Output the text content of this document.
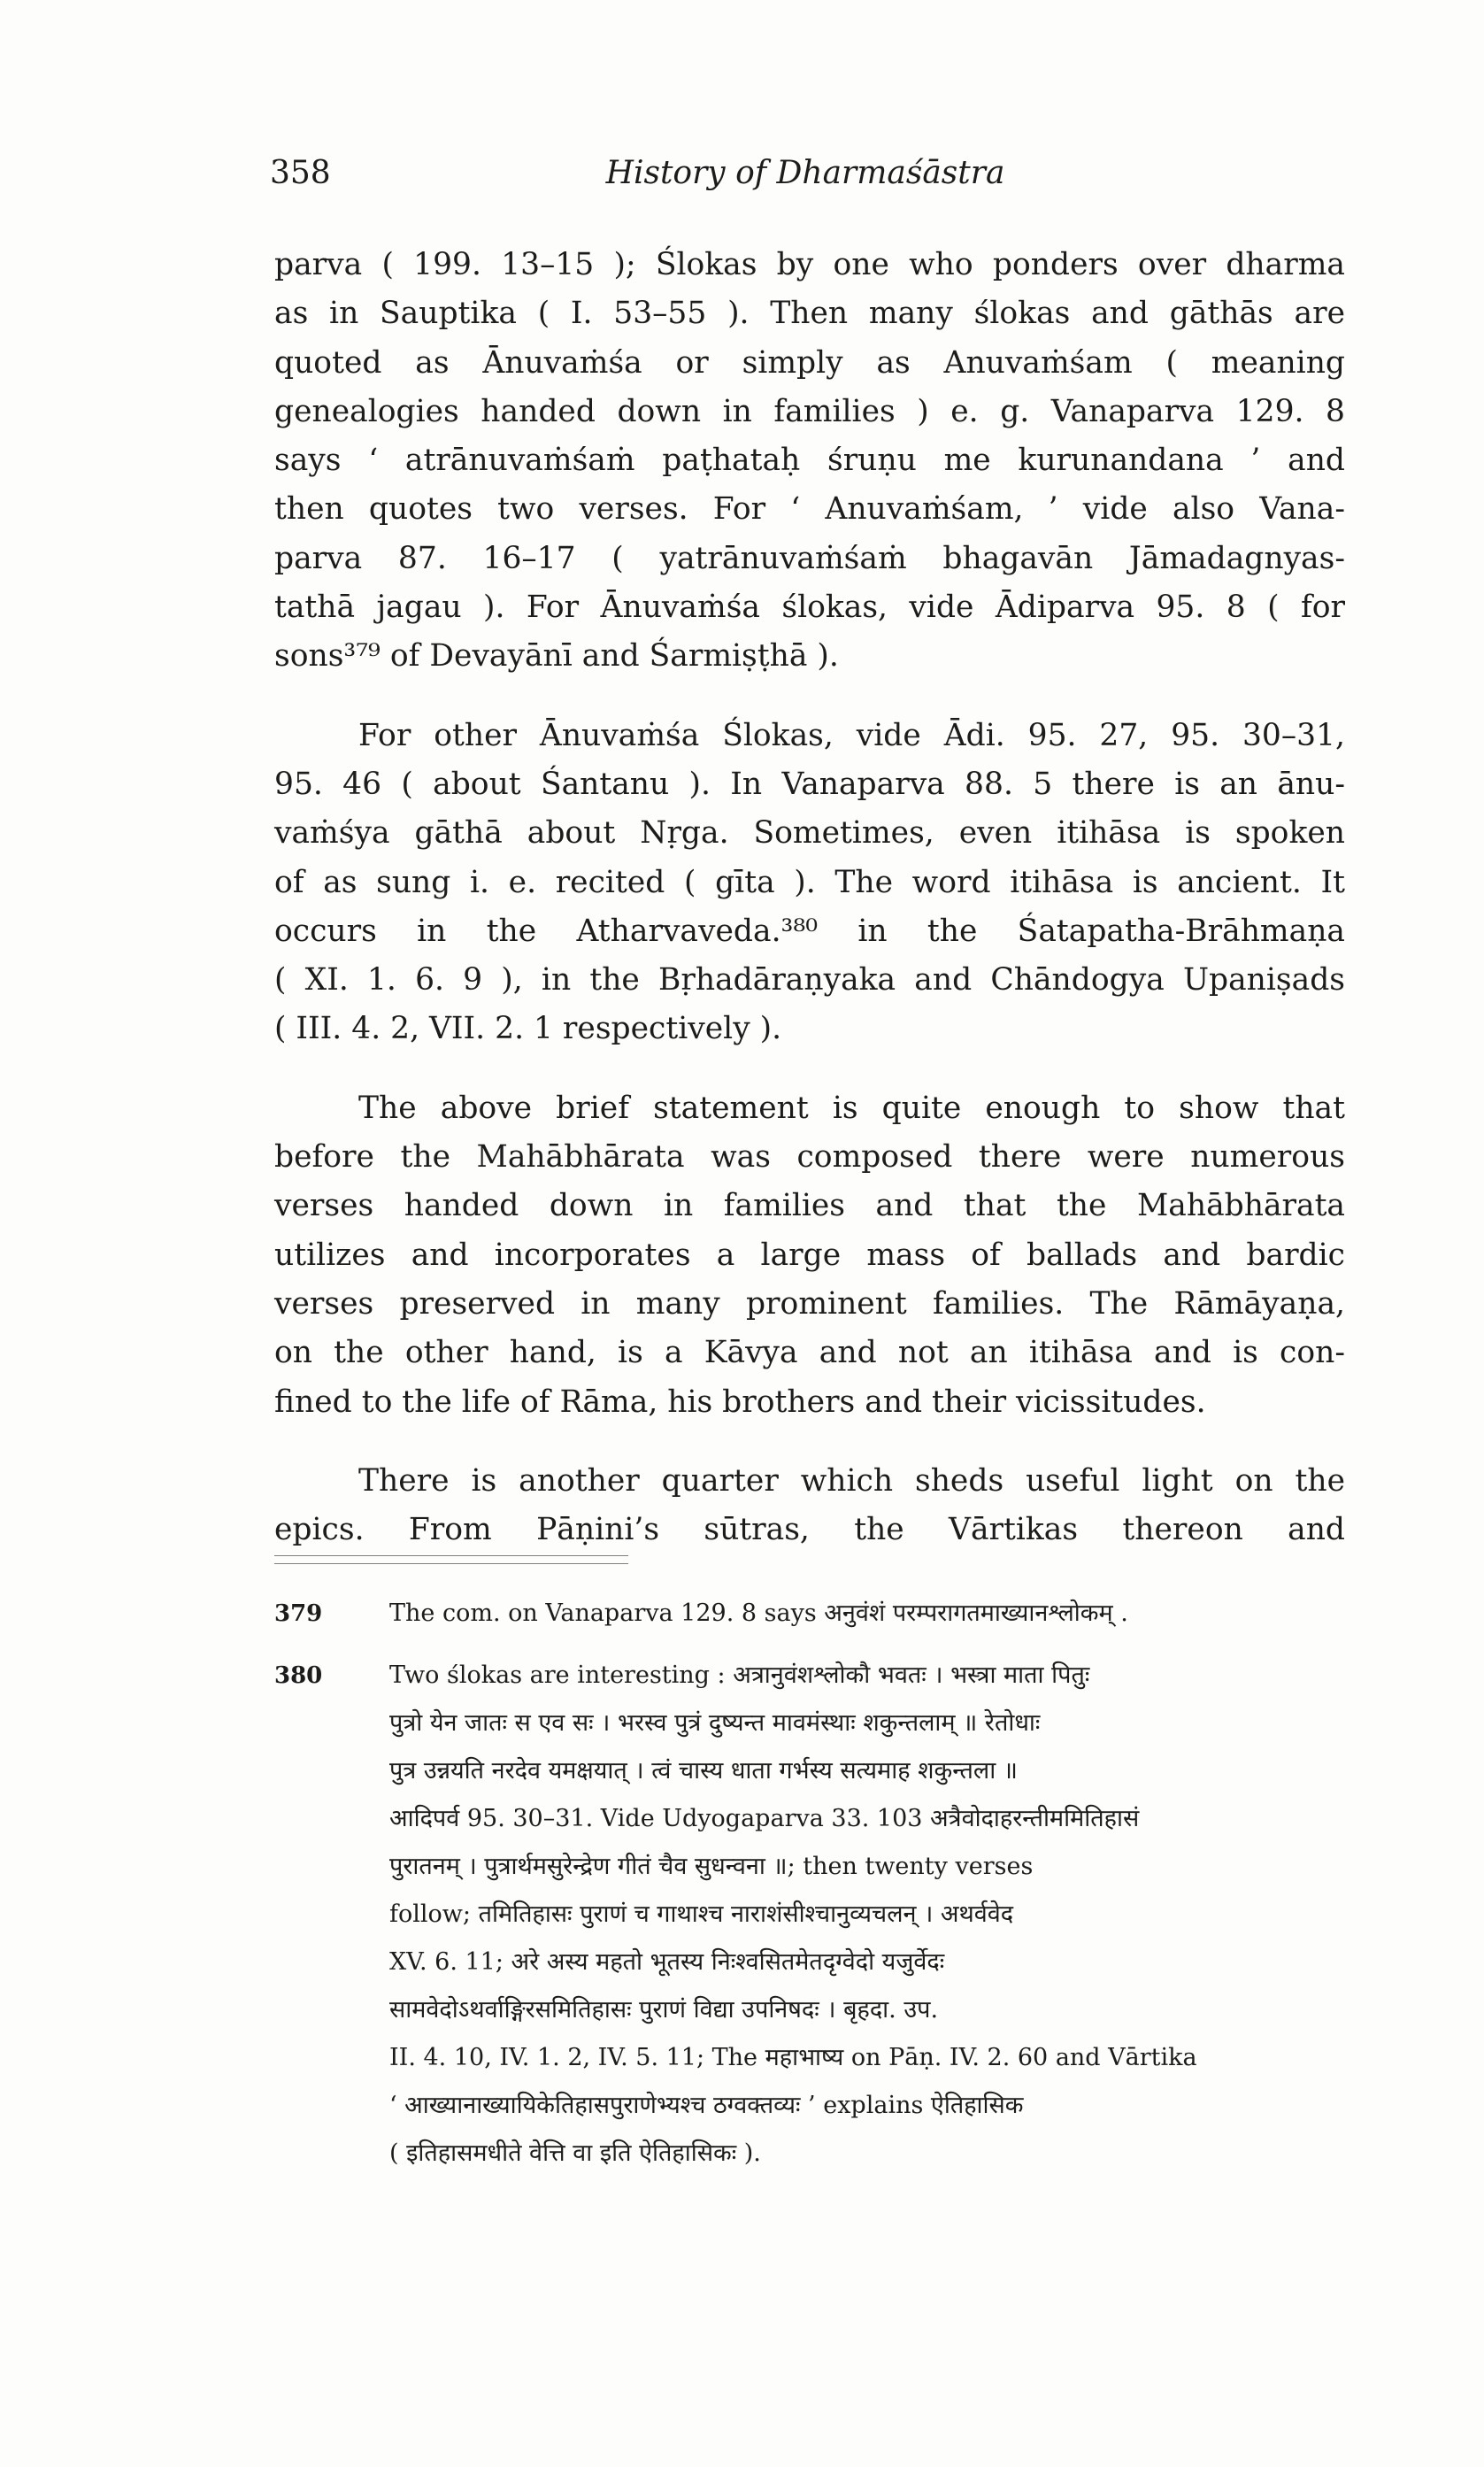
358	History of Dharmaśāstra
parva ( 199. 13–15 ); Ślokas by one who ponders over dharma
as in Sauptika ( I. 53–55 ). Then many ślokas and gāthās are
quoted as Ānuvaṁśa or simply as Anuvaṁśam ( meaning
genealogies handed down in families ) e. g. Vanaparva 129. 8
says ‘ atrānuvaṁśaṁ paṭhataḥ śruṇu me kurunandana ’ and
then quotes two verses. For ‘ Anuvaṁśam, ’ vide also Vana-
parva 87. 16–17 ( yatrānuvaṁśaṁ bhagavān Jāmadagnyas-
tathā jagau ). For Ānuvaṁśa ślokas, vide Ādiparva 95. 8 ( for
sons³⁷⁹ of Devayānī and Śarmiṣṭhā ).
For other Ānuvaṁśa Ślokas, vide Ādi. 95. 27, 95. 30–31,
95. 46 ( about Śantanu ). In Vanaparva 88. 5 there is an ānu-
vaṁśya gāthā about Nṛga. Sometimes, even itihāsa is spoken
of as sung i. e. recited ( gīta ). The word itihāsa is ancient. It
occurs in the Atharvaveda.³⁸⁰ in the Śatapatha-Brāhmaṇa
( XI. 1. 6. 9 ), in the Bṛhadāraṇyaka and Chāndogya Upaniṣads
( III. 4. 2, VII. 2. 1 respectively ).
The above brief statement is quite enough to show that
before the Mahābhārata was composed there were numerous
verses handed down in families and that the Mahābhārata
utilizes and incorporates a large mass of ballads and bardic
verses preserved in many prominent families. The Rāmāyaṇa,
on the other hand, is a Kāvya and not an itihāsa and is con-
fined to the life of Rāma, his brothers and their vicissitudes.
There is another quarter which sheds useful light on the
epics. From Pāṇini’s sūtras, the Vārtikas thereon and
379	The com. on Vanaparva 129. 8 says अनुवंशं परम्परागतमाख्यानश्लोकम् .
380	Two ślokas are interesting : अत्रानुवंशश्लोकौ भवतः । भस्त्रा माता पितुः
पुत्रो येन जातः स एव सः । भरस्व पुत्रं दुष्यन्त मावमंस्थाः शकुन्तलाम् ॥ रेतोधाः
पुत्र उन्नयति नरदेव यमक्षयात् । त्वं चास्य धाता गर्भस्य सत्यमाह शकुन्तला ॥
आदिपर्व 95. 30–31. Vide Udyogaparva 33. 103 अत्रैवोदाहरन्तीममितिहासं
पुरातनम् । पुत्रार्थमसुरेन्द्रेण गीतं चैव सुधन्वना ॥; then twenty verses
follow; तमितिहासः पुराणं च गाथाश्च नाराशंसीश्चानुव्यचलन् । अथर्ववेद
XV. 6. 11; अरे अस्य महतो भूतस्य निःश्वसितमेतदृग्वेदो यजुर्वेदः
सामवेदोऽथर्वाङ्गिरसमितिहासः पुराणं विद्या उपनिषदः । बृहदा. उप.
II. 4. 10, IV. 1. 2, IV. 5. 11; The महाभाष्य on Pāṇ. IV. 2. 60 and Vārtika
‘ आख्यानाख्यायिकेतिहासपुराणेभ्यश्च ठग्वक्तव्यः ’ explains ऐतिहासिक
( इतिहासमधीते वेत्ति वा इति ऐतिहासिकः ).
